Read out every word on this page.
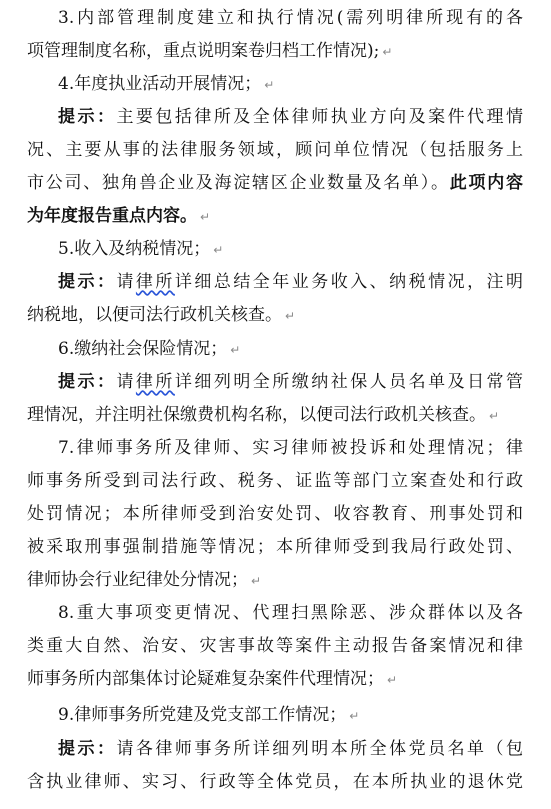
3.内部管理制度建立和执行情况(需列明律所现有的各
项管理制度名称，重点说明案卷归档工作情况); ↵
4.年度执业活动开展情况； ↵
提示：主要包括律所及全体律师执业方向及案件代理情
况、主要从事的法律服务领域，顾问单位情况（包括服务上
市公司、独角兽企业及海淀辖区企业数量及名单）。此项内容
为年度报告重点内容。 ↵
5.收入及纳税情况； ↵
提示：请律所详细总结全年业务收入、纳税情况，注明
纳税地，以便司法行政机关核查。 ↵
6.缴纳社会保险情况； ↵
提示：请律所详细列明全所缴纳社保人员名单及日常管
理情况，并注明社保缴费机构名称，以便司法行政机关核查。 ↵
7.律师事务所及律师、实习律师被投诉和处理情况；律
师事务所受到司法行政、税务、证监等部门立案查处和行政
处罚情况；本所律师受到治安处罚、收容教育、刑事处罚和
被采取刑事强制措施等情况；本所律师受到我局行政处罚、
律师协会行业纪律处分情况； ↵
8.重大事项变更情况、代理扫黑除恶、涉众群体以及各
类重大自然、治安、灾害事故等案件主动报告备案情况和律
师事务所内部集体讨论疑难复杂案件代理情况； ↵
9.律师事务所党建及党支部工作情况； ↵
提示：请各律师事务所详细列明本所全体党员名单（包
含执业律师、实习、行政等全体党员，在本所执业的退休党
